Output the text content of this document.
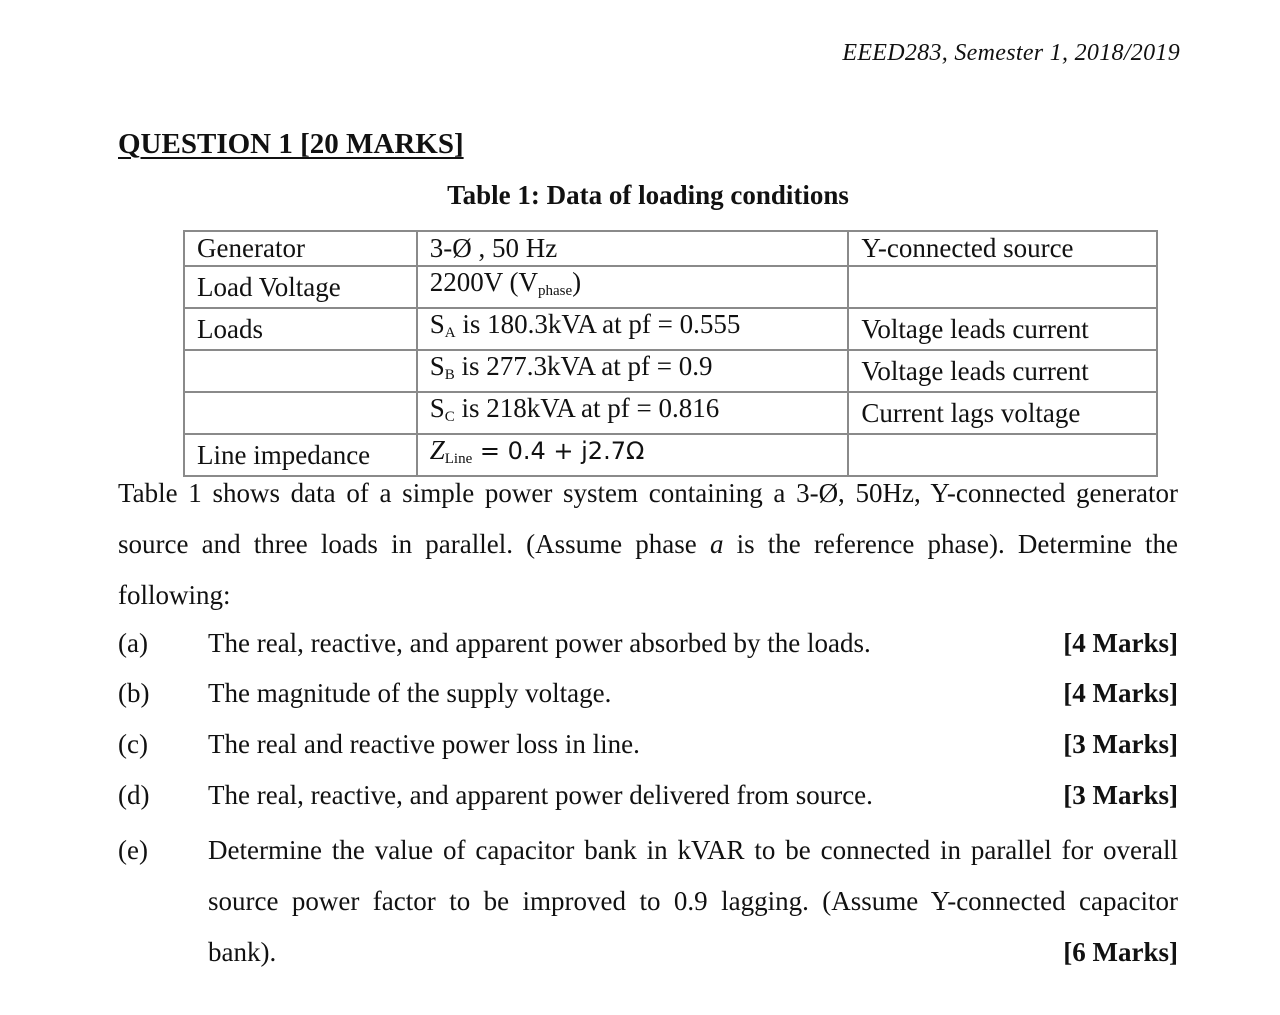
EEED283, Semester 1, 2018/2019
QUESTION 1 [20 MARKS]
Table 1: Data of loading conditions
Generator	3-Ø , 50 Hz	Y-connected source
Load Voltage	2200V $(V_{phase})$	
Loads	$S_A$ is 180.3kVA at pf = 0.555	Voltage leads current
	$S_B$ is 277.3kVA at pf = 0.9	Voltage leads current
	$S_C$ is 218kVA at pf = 0.816	Current lags voltage
Line impedance	$Z_{Line} = 0.4 + j2.7\Omega$	
Table 1 shows data of a simple power system containing a 3-Ø, 50Hz, Y-connected generator source and three loads in parallel. (Assume phase a is the reference phase). Determine the following:
(a) The real, reactive, and apparent power absorbed by the loads.	[4 Marks]
(b) The magnitude of the supply voltage.	[4 Marks]
(c) The real and reactive power loss in line.	[3 Marks]
(d) The real, reactive, and apparent power delivered from source.	[3 Marks]
(e) Determine the value of capacitor bank in kVAR to be connected in parallel for overall source power factor to be improved to 0.9 lagging. (Assume Y-connected capacitor bank).	[6 Marks]
